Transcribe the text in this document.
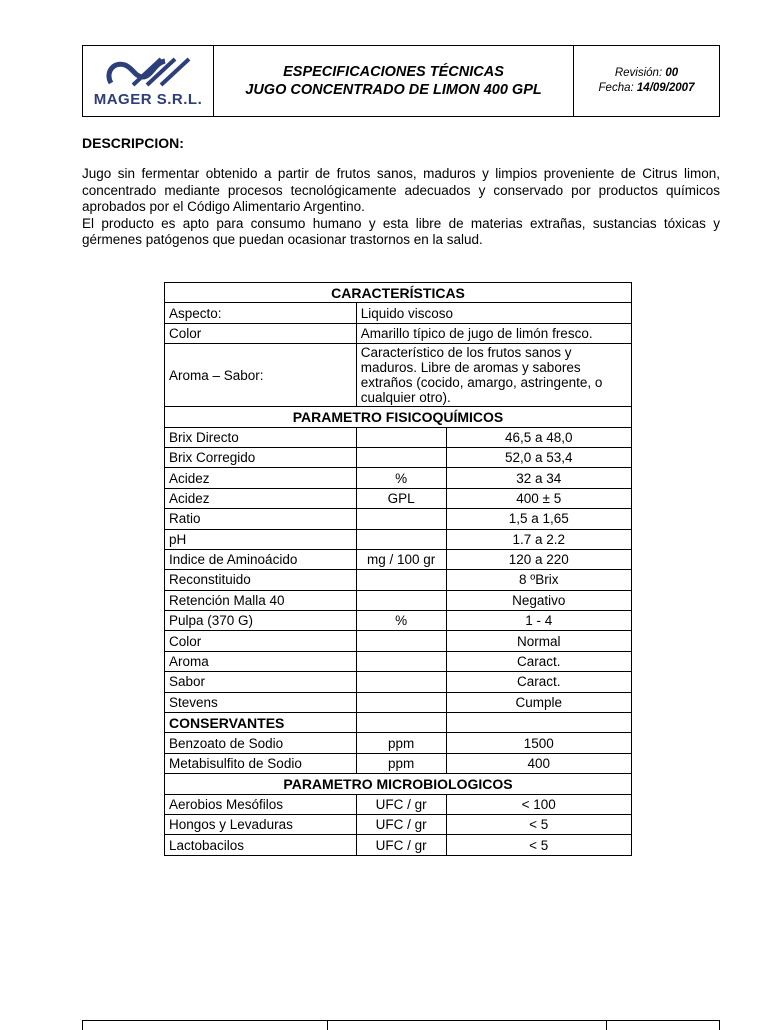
MAGER S.R.L.
ESPECIFICACIONES TÉCNICAS
JUGO CONCENTRADO DE LIMON 400 GPL
Revisión: 00
Fecha: 14/09/2007
DESCRIPCION:

Jugo sin fermentar obtenido a partir de frutos sanos, maduros y limpios proveniente de Citrus limon, concentrado mediante procesos tecnológicamente adecuados y conservado por productos químicos aprobados por el Código Alimentario Argentino.

El producto es apto para consumo humano y esta libre de materias extrañas, sustancias tóxicas y gérmenes patógenos que puedan ocasionar trastornos en la salud.

CARACTERÍSTICAS		
Aspecto:	Liquido viscoso	
Color	Amarillo típico de jugo de limón fresco.	
Aroma – Sabor:	Característico de los frutos sanos y maduros. Libre de aromas y sabores extraños (cocido, amargo, astringente, o cualquier otro).	
PARAMETRO FISICOQUÍMICOS		
Brix Directo		46,5 a 48,0
Brix Corregido		52,0 a 53,4
Acidez	%	32 a 34
Acidez	GPL	400 ± 5
Ratio		1,5 a 1,65
pH		1.7 a 2.2
Indice de Aminoácido	mg / 100 gr	120 a 220
Reconstituido		8 ºBrix
Retención Malla 40		Negativo
Pulpa (370 G)	%	1 - 4
Color		Normal
Aroma		Caract.
Sabor		Caract.
Stevens		Cumple
CONSERVANTES		
Benzoato de Sodio	ppm	1500
Metabisulfito de Sodio	ppm	400
PARAMETRO MICROBIOLOGICOS		
Aerobios Mesófilos	UFC / gr	< 100
Hongos y Levaduras	UFC / gr	< 5
Lactobacilos	UFC / gr	< 5
